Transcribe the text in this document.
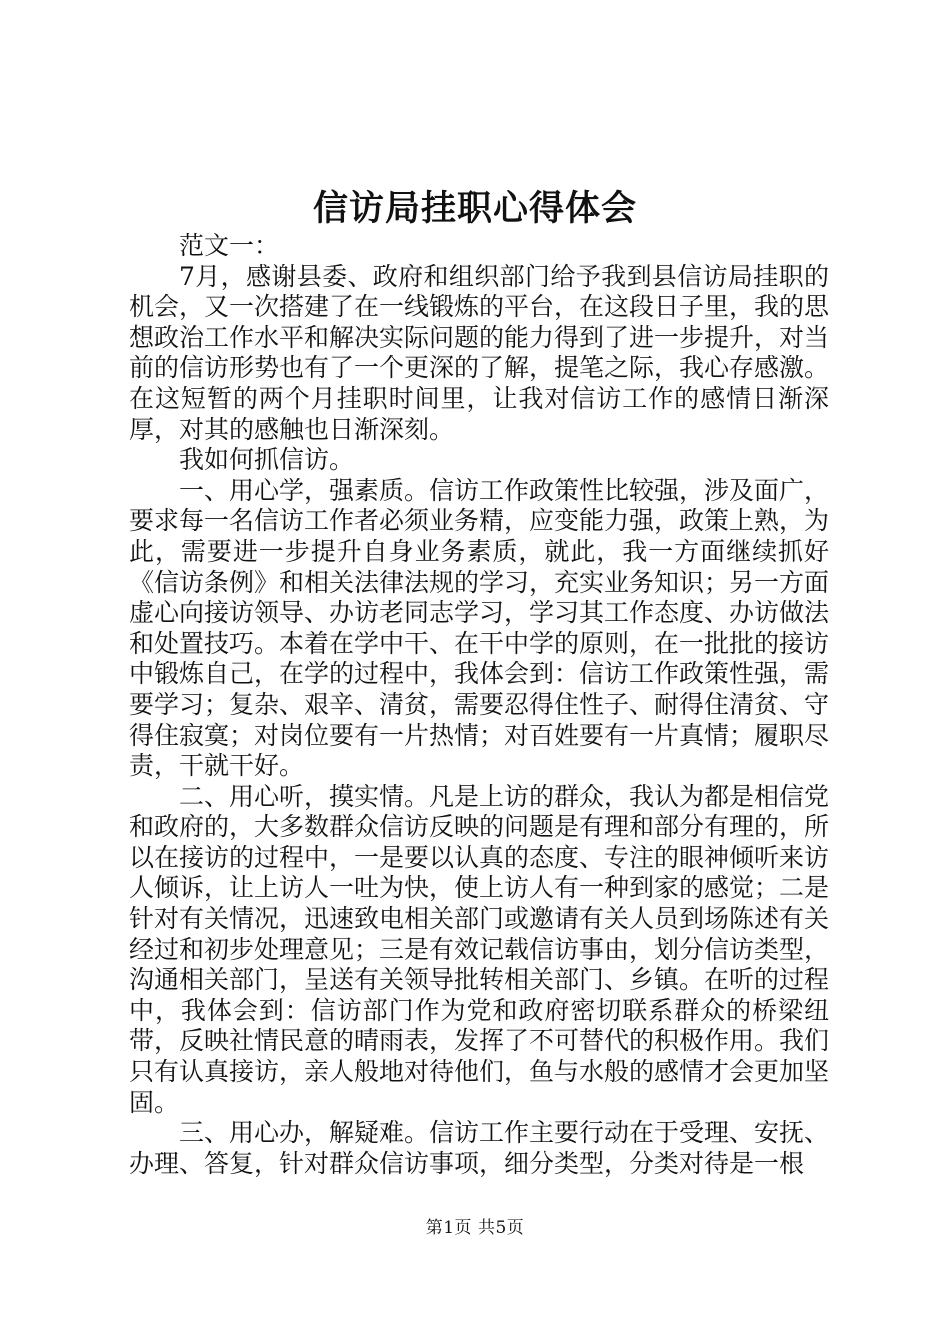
信访局挂职心得体会

范文一：

7月，感谢县委、政府和组织部门给予我到县信访局挂职的机会，又一次搭建了在一线锻炼的平台，在这段日子里，我的思想政治工作水平和解决实际问题的能力得到了进一步提升，对当前的信访形势也有了一个更深的了解，提笔之际，我心存感激。在这短暂的两个月挂职时间里，让我对信访工作的感情日渐深厚，对其的感触也日渐深刻。

我如何抓信访。

一、用心学，强素质。信访工作政策性比较强，涉及面广，要求每一名信访工作者必须业务精，应变能力强，政策上熟，为此，需要进一步提升自身业务素质，就此，我一方面继续抓好《信访条例》和相关法律法规的学习，充实业务知识；另一方面虚心向接访领导、办访老同志学习，学习其工作态度、办访做法和处置技巧。本着在学中干、在干中学的原则，在一批批的接访中锻炼自己，在学的过程中，我体会到：信访工作政策性强，需要学习；复杂、艰辛、清贫，需要忍得住性子、耐得住清贫、守得住寂寞；对岗位要有一片热情；对百姓要有一片真情；履职尽责，干就干好。

二、用心听，摸实情。凡是上访的群众，我认为都是相信党和政府的，大多数群众信访反映的问题是有理和部分有理的，所以在接访的过程中，一是要以认真的态度、专注的眼神倾听来访人倾诉，让上访人一吐为快，使上访人有一种到家的感觉；二是针对有关情况，迅速致电相关部门或邀请有关人员到场陈述有关经过和初步处理意见；三是有效记载信访事由，划分信访类型，沟通相关部门，呈送有关领导批转相关部门、乡镇。在听的过程中，我体会到：信访部门作为党和政府密切联系群众的桥梁纽带，反映社情民意的晴雨表，发挥了不可替代的积极作用。我们只有认真接访，亲人般地对待他们，鱼与水般的感情才会更加坚固。

三、用心办，解疑难。信访工作主要行动在于受理、安抚、办理、答复，针对群众信访事项，细分类型，分类对待是一根

第1页 共5页
